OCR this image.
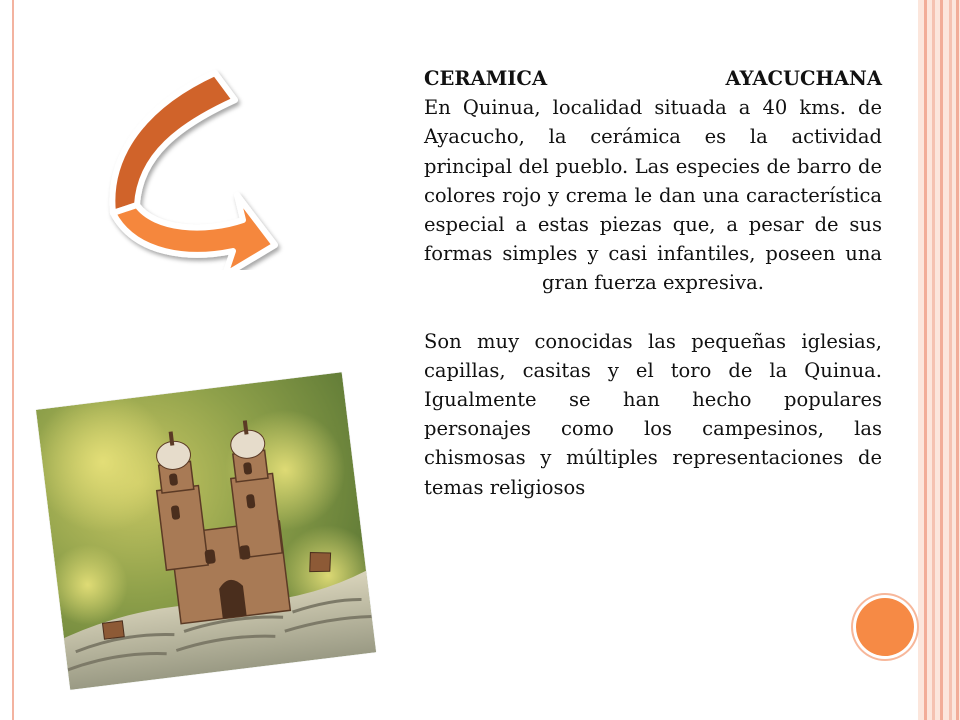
CERAMICA	AYACUCHANA

En Quinua, localidad situada a 40 kms. de Ayacucho, la cerámica es la actividad principal del pueblo. Las especies de barro de colores rojo y crema le dan una característica especial a estas piezas que, a pesar de sus formas simples y casi infantiles, poseen una gran fuerza expresiva.

Son muy conocidas las pequeñas iglesias, capillas, casitas y el toro de la Quinua. Igualmente se han hecho populares personajes como los campesinos, las chismosas y múltiples representaciones de temas religiosos
